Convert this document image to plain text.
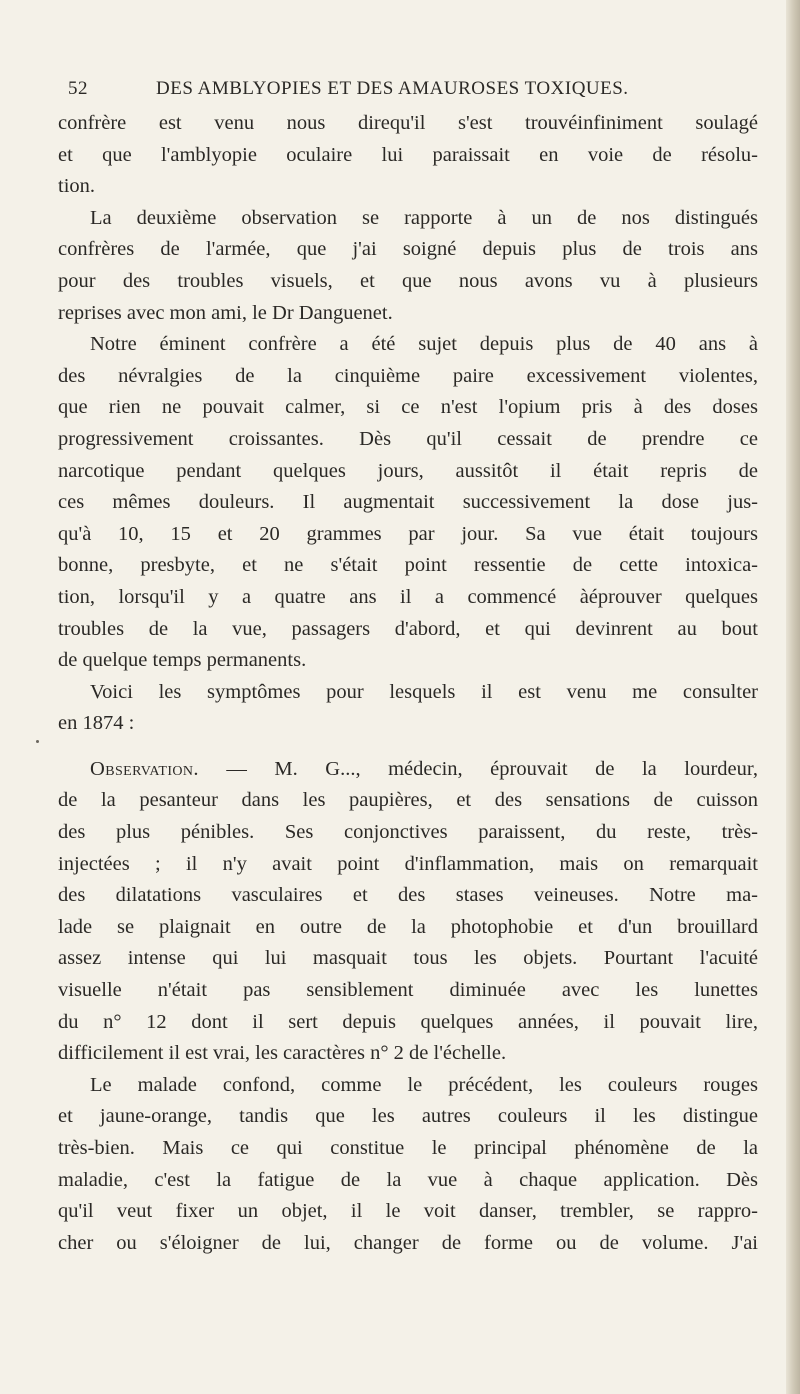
52	DES AMBLYOPIES ET DES AMAUROSES TOXIQUES.
confrère est venu nous direqu'il s'est trouvéinfiniment soulagé
et que l'amblyopie oculaire lui paraissait en voie de résolu-
tion.
La deuxième observation se rapporte à un de nos distingués
confrères de l'armée, que j'ai soigné depuis plus de trois ans
pour des troubles visuels, et que nous avons vu à plusieurs
reprises avec mon ami, le Dr Danguenet.
Notre éminent confrère a été sujet depuis plus de 40 ans à
des névralgies de la cinquième paire excessivement violentes,
que rien ne pouvait calmer, si ce n'est l'opium pris à des doses
progressivement croissantes. Dès qu'il cessait de prendre ce
narcotique pendant quelques jours, aussitôt il était repris de
ces mêmes douleurs. Il augmentait successivement la dose jus-
qu'à 10, 15 et 20 grammes par jour. Sa vue était toujours
bonne, presbyte, et ne s'était point ressentie de cette intoxica-
tion, lorsqu'il y a quatre ans il a commencé àéprouver quelques
troubles de la vue, passagers d'abord, et qui devinrent au bout
de quelque temps permanents.
Voici les symptômes pour lesquels il est venu me consulter
en 1874 :
Observation. — M. G..., médecin, éprouvait de la lourdeur,
de la pesanteur dans les paupières, et des sensations de cuisson
des plus pénibles. Ses conjonctives paraissent, du reste, très-
injectées ; il n'y avait point d'inflammation, mais on remarquait
des dilatations vasculaires et des stases veineuses. Notre ma-
lade se plaignait en outre de la photophobie et d'un brouillard
assez intense qui lui masquait tous les objets. Pourtant l'acuité
visuelle n'était pas sensiblement diminuée avec les lunettes
du n° 12 dont il sert depuis quelques années, il pouvait lire,
difficilement il est vrai, les caractères n° 2 de l'échelle.
Le malade confond, comme le précédent, les couleurs rouges
et jaune-orange, tandis que les autres couleurs il les distingue
très-bien. Mais ce qui constitue le principal phénomène de la
maladie, c'est la fatigue de la vue à chaque application. Dès
qu'il veut fixer un objet, il le voit danser, trembler, se rappro-
cher ou s'éloigner de lui, changer de forme ou de volume. J'ai
